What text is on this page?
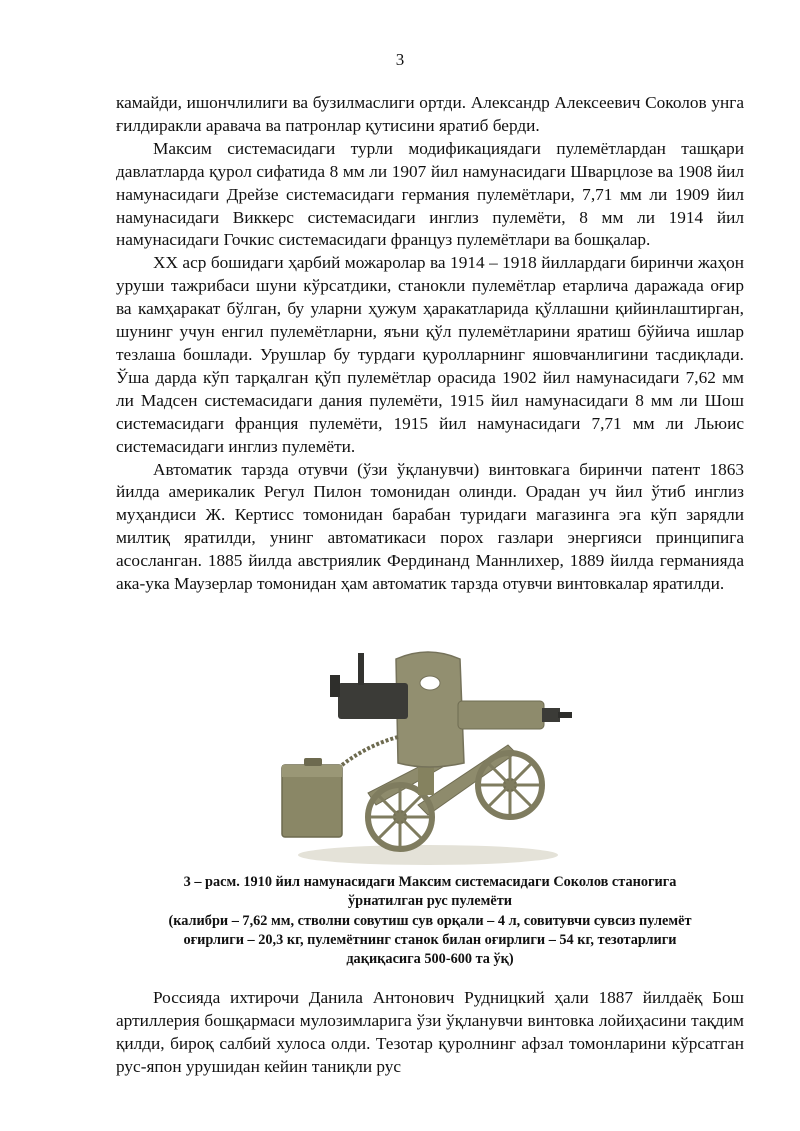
3

камайди, ишончлилиги ва бузилмаслиги ортди. Александр Алексеевич Соколов унга ғилдиракли аравача ва патронлар қутисини яратиб берди.

Максим системасидаги турли модификациядаги пулемётлардан ташқари давлатларда қурол сифатида 8 мм ли 1907 йил намунасидаги Шварцлозе ва 1908 йил намунасидаги Дрейзе системасидаги германия пулемётлари, 7,71 мм ли 1909 йил намунасидаги Виккерс системасидаги инглиз пулемёти, 8 мм ли 1914 йил намунасидаги Гочкис системасидаги француз пулемётлари ва бошқалар.

XX аср бошидаги ҳарбий можаролар ва 1914 – 1918 йиллардаги биринчи жаҳон уруши тажрибаси шуни кўрсатдики, станокли пулемётлар етарлича даражада оғир ва камҳаракат бўлган, бу уларни ҳужум ҳаракатларида қўллашни қийинлаштирган, шунинг учун енгил пулемётларни, яъни қўл пулемётларини яратиш бўйича ишлар тезлаша бошлади. Урушлар бу турдаги қуролларнинг яшовчанлигини тасдиқлади. Ўша дарда кўп тарқалган қўп пулемётлар орасида 1902 йил намунасидаги 7,62 мм ли Мадсен системасидаги дания пулемёти, 1915 йил намунасидаги 8 мм ли Шош системасидаги франция пулемёти, 1915 йил намунасидаги 7,71 мм ли Льюис системасидаги инглиз пулемёти.

Автоматик тарзда отувчи (ўзи ўқланувчи) винтовкага биринчи патент 1863 йилда америкалик Регул Пилон томонидан олинди. Орадан уч йил ўтиб инглиз муҳандиси Ж. Кертисс томонидан барабан туридаги магазинга эга кўп зарядли милтиқ яратилди, унинг автоматикаси порох газлари энергияси принципига асосланган. 1885 йилда австриялик Фердинанд Маннлихер, 1889 йилда германияда ака-ука Маузерлар томонидан ҳам автоматик тарзда отувчи винтовкалар яратилди.

3 – расм. 1910 йил намунасидаги Максим системасидаги Соколов станогига
ўрнатилган рус пулемёти
(калибри – 7,62 мм, стволни совутиш сув орқали – 4 л, совитувчи сувсиз пулемёт
оғирлиги – 20,3 кг, пулемётнинг станок билан оғирлиги – 54 кг, тезотарлиги
дақиқасига 500-600 та ўқ)

Россияда ихтирочи Данила Антонович Рудницкий ҳали 1887 йилдаёқ Бош артиллерия бошқармаси мулозимларига ўзи ўқланувчи винтовка лойиҳасини тақдим қилди, бироқ салбий хулоса олди. Тезотар қуролнинг афзал томонларини кўрсатган рус-япон урушидан кейин таниқли рус
